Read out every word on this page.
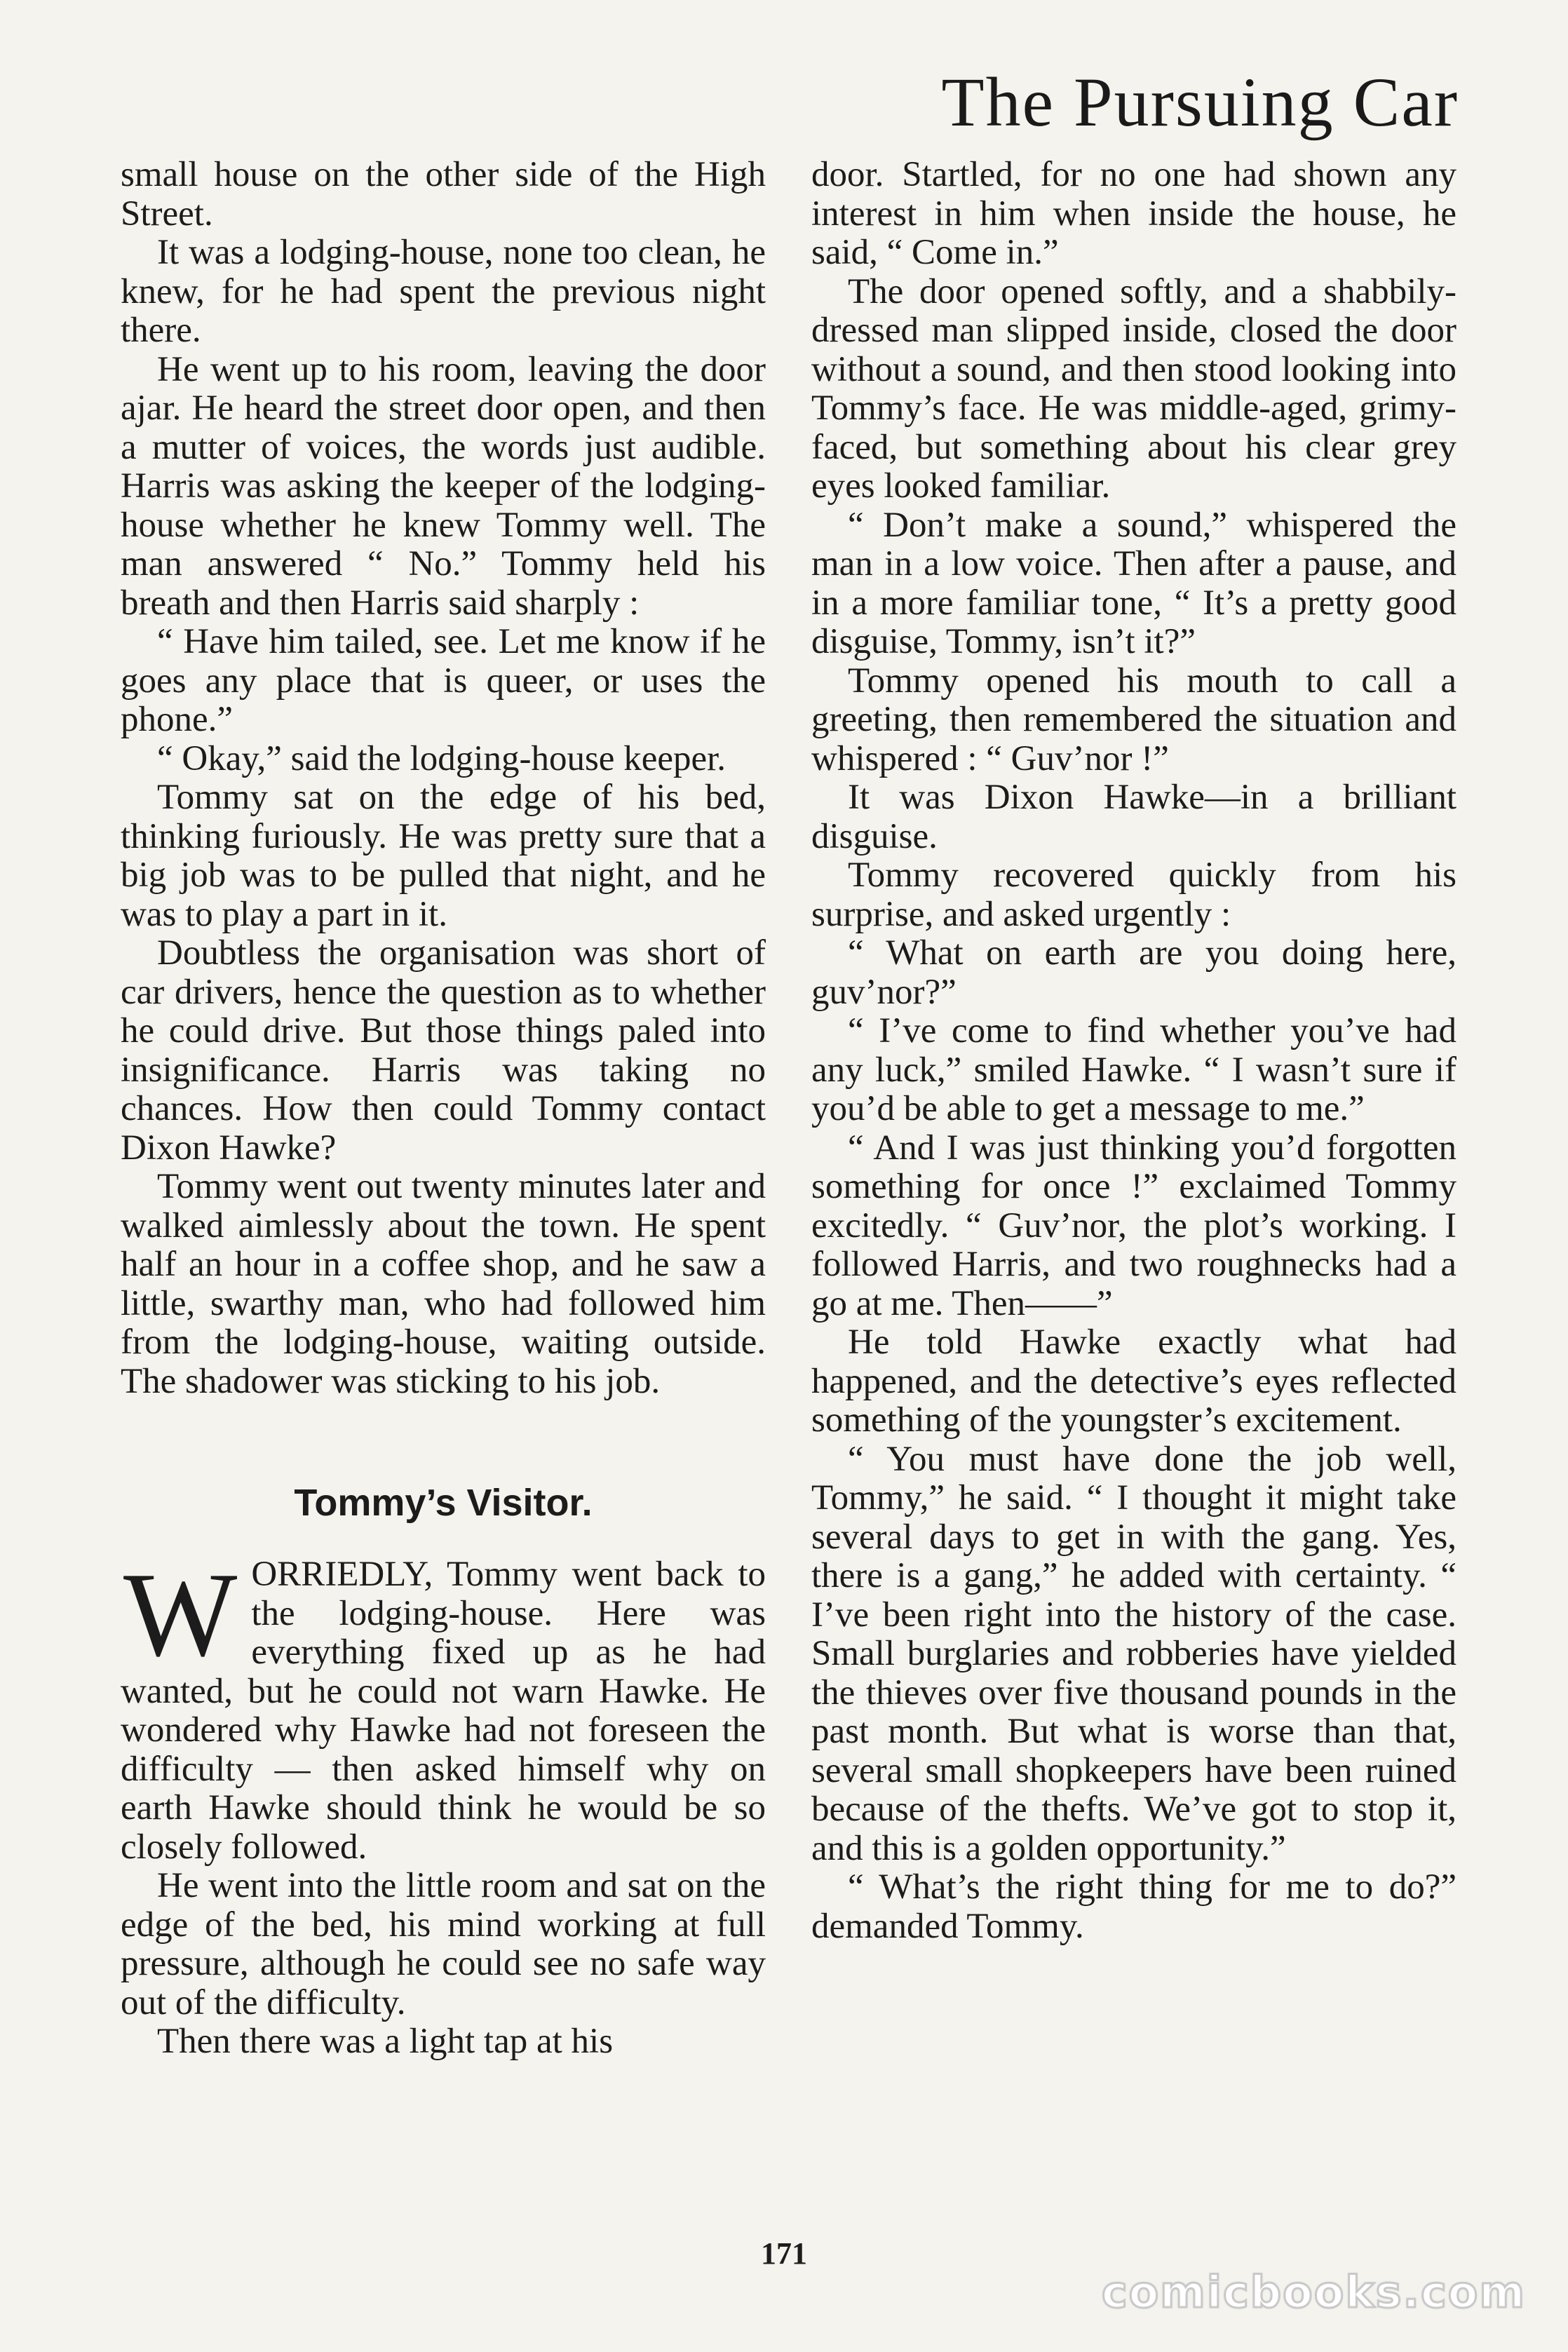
The Pursuing Car

small house on the other side of the High Street.

It was a lodging-house, none too clean, he knew, for he had spent the previous night there.

He went up to his room, leaving the door ajar. He heard the street door open, and then a mutter of voices, the words just audible. Harris was asking the keeper of the lodging-house whether he knew Tommy well. The man answered “ No.” Tommy held his breath and then Harris said sharply :

“ Have him tailed, see. Let me know if he goes any place that is queer, or uses the phone.”

“ Okay,” said the lodging-house keeper.

Tommy sat on the edge of his bed, thinking furiously. He was pretty sure that a big job was to be pulled that night, and he was to play a part in it.

Doubtless the organisation was short of car drivers, hence the question as to whether he could drive. But those things paled into insignificance. Harris was taking no chances. How then could Tommy contact Dixon Hawke?

Tommy went out twenty minutes later and walked aimlessly about the town. He spent half an hour in a coffee shop, and he saw a little, swarthy man, who had followed him from the lodging-house, waiting outside. The shadower was sticking to his job.

Tommy’s Visitor.

WORRIEDLY, Tommy went back to the lodging-house. Here was everything fixed up as he had wanted, but he could not warn Hawke. He wondered why Hawke had not foreseen the difficulty — then asked himself why on earth Hawke should think he would be so closely followed.

He went into the little room and sat on the edge of the bed, his mind working at full pressure, although he could see no safe way out of the difficulty.

Then there was a light tap at his

door. Startled, for no one had shown any interest in him when inside the house, he said, “ Come in.”

The door opened softly, and a shabbily-dressed man slipped inside, closed the door without a sound, and then stood looking into Tommy’s face. He was middle-aged, grimy-faced, but something about his clear grey eyes looked familiar.

“ Don’t make a sound,” whispered the man in a low voice. Then after a pause, and in a more familiar tone, “ It’s a pretty good disguise, Tommy, isn’t it?”

Tommy opened his mouth to call a greeting, then remembered the situation and whispered : “ Guv’nor !”

It was Dixon Hawke—in a brilliant disguise.

Tommy recovered quickly from his surprise, and asked urgently :

“ What on earth are you doing here, guv’nor?”

“ I’ve come to find whether you’ve had any luck,” smiled Hawke. “ I wasn’t sure if you’d be able to get a message to me.”

“ And I was just thinking you’d forgotten something for once !” exclaimed Tommy excitedly. “ Guv’nor, the plot’s working. I followed Harris, and two roughnecks had a go at me. Then——”

He told Hawke exactly what had happened, and the detective’s eyes reflected something of the youngster’s excitement.

“ You must have done the job well, Tommy,” he said. “ I thought it might take several days to get in with the gang. Yes, there is a gang,” he added with certainty. “ I’ve been right into the history of the case. Small burglaries and robberies have yielded the thieves over five thousand pounds in the past month. But what is worse than that, several small shopkeepers have been ruined because of the thefts. We’ve got to stop it, and this is a golden opportunity.”

“ What’s the right thing for me to do?” demanded Tommy.

171
comicbooks.com
